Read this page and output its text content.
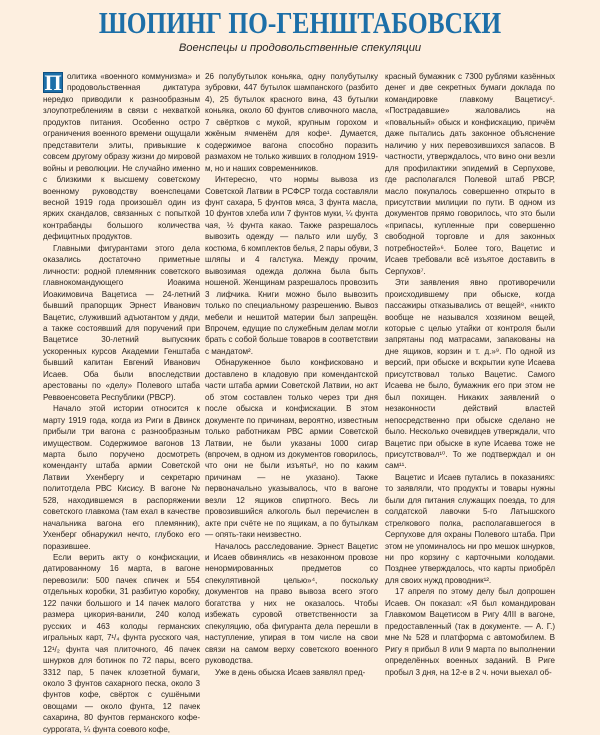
ШОПИНГ ПО-ГЕНШТАБОВСКИ
Военспецы и продовольственные спекуляции
П олитика «военного коммунизма» и продовольственная диктатура нередко приводили к разнообразным злоупотреблениям в связи с нехваткой продуктов питания. Особенно остро ограничения военного времени ощущали представители элиты, привыкшие к совсем другому образу жизни до мировой войны и революции. Не случайно именно с близкими к высшему советскому военному руководству военспецами весной 1919 года произошёл один из ярких скандалов, связанных с попыткой контрабанды большого количества дефицитных продуктов.

Главными фигурантами этого дела оказались достаточно приметные личности: родной племянник советского главнокомандующего Иоакима Иоакимовича Вацетиса — 24-летний бывший прапорщик Эрнест Иванович Вацетис, служивший адъютантом у дяди, а также состоявший для поручений при Вацетисе 30-летний выпускник ускоренных курсов Академии Генштаба бывший капитан Евгений Иванович Исаев. Оба были впоследствии арестованы по «делу» Полевого штаба Реввоенсовета Республики (РВСР).

Начало этой истории относится к марту 1919 года, когда из Риги в Двинск прибыли три вагона с разнообразным имуществом. Содержимое вагонов 13 марта было поручено досмотреть коменданту штаба армии Советской Латвии Ухенбергу и секретарю политотдела РВС Кисису. В вагоне № 528, находившемся в распоряжении советского главкома (там ехал в качестве начальника вагона его племянник), Ухенберг обнаружил нечто, глубоко его поразившее.

Если верить акту о конфискации, датированному 16 марта, в вагоне перевозили: 500 пачек спичек и 554 отдельных коробки, 31 разбитую коробку, 122 пачки большого и 14 пачек малого размера цикория-ванили, 240 колод русских и 463 колоды германских игральных карт, 7¹/₄ фунта русского чая, 12¹/₂ фунта чая плиточного, 46 пачек шнурков для ботинок по 72 пары, всего 3312 пар, 5 пачек клозетной бумаги, около 3 фунтов сахарного песка, около 3 фунтов кофе, свёрток с сушёными овощами — около фунта, 12 пачек сахарина, 80 фунтов германского кофе-суррогата, ¼ фунта соевого кофе,

26 полубутылок коньяка, одну полубутылку зубровки, 447 бутылок шампанского (разбито 4), 25 бутылок красного вина, 43 бутылки коньяка, около 60 фунтов сливочного масла, 7 свёртков с мукой, крупным горохом и жжёным ячменём для кофе¹. Думается, содержимое вагона способно поразить размахом не только живших в голодном 1919-м, но и наших современников.

Интересно, что нормы вывоза из Советской Латвии в РСФСР тогда составляли фунт сахара, 5 фунтов мяса, 3 фунта масла, 10 фунтов хлеба или 7 фунтов муки, ¼ фунта чая, ½ фунта какао. Также разрешалось вывозить одежду — пальто или шубу, 3 костюма, 6 комплектов белья, 2 пары обуви, 3 шляпы и 4 галстука. Между прочим, вывозимая одежда должна была быть ношеной. Женщинам разрешалось провозить 3 лифчика. Книги можно было вывозить только по специальному разрешению. Вывоз мебели и нешитой материи был запрещён. Впрочем, едущие по служебным делам могли брать с собой больше товаров в соответствии с мандатом².

Обнаруженное было конфисковано и доставлено в кладовую при комендантской части штаба армии Советской Латвии, но акт об этом составлен только через три дня после обыска и конфискации. В этом документе по причинам, вероятно, известным только работникам РВС армии Советской Латвии, не были указаны 1000 сигар (впрочем, в одном из документов говорилось, что они не были изъяты³, но по каким причинам — не указано). Также первоначально указывалось, что в вагоне везли 12 ящиков спиртного. Весь ли провозившийся алкоголь был перечислен в акте при счёте не по ящикам, а по бутылкам — опять-таки неизвестно.

Началось расследование. Эрнест Вацетис и Исаев обвинялись «в незаконном провозе ненормированных предметов со спекулятивной целью»⁴, поскольку документов на право вывоза всего этого богатства у них не оказалось. Чтобы избежать суровой ответственности за спекуляцию, оба фигуранта дела перешли в наступление, упирая в том числе на свои связи на самом верху советского военного руководства.

Уже в день обыска Исаев заявлял пред-

красный бумажник с 7300 рублями казённых денег и две секретных бумаги доклада по командировке главкому Вацетису⁵. «Пострадавшие» жаловались на «повальный» обыск и конфискацию, причём даже пытались дать законное объяснение наличию у них перевозившихся запасов. В частности, утверждалось, что вино они везли для профилактики эпидемий в Серпухове, где располагался Полевой штаб РВСР, масло покупалось совершенно открыто в присутствии милиции по пути. В одном из документов прямо говорилось, что это были «припасы, купленные при совершенно свободной торговле и для законных потребностей»⁶. Более того, Вацетис и Исаев требовали всё изъятое доставить в Серпухов⁷.

Эти заявления явно противоречили происходившему при обыске, когда пассажиры отказывались от вещей⁸, «никто вообще не назывался хозяином вещей, которые с целью утайки от контроля были запрятаны под матрасами, запакованы на дне ящиков, корзин и т. д.»⁹. По одной из версий, при обыске и вскрытии купе Исаева присутствовал только Вацетис. Самого Исаева не было, бумажник его при этом не был похищен. Никаких заявлений о незаконности действий властей непосредственно при обыске сделано не было. Несколько очевидцев утверждали, что Вацетис при обыске в купе Исаева тоже не присутствовал¹⁰. То же подтверждал и он сам¹¹.

Вацетис и Исаев путались в показаниях: то заявляли, что продукты и товары нужны были для питания служащих поезда, то для солдатской лавочки 5-го Латышского стрелкового полка, располагавшегося в Серпухове для охраны Полевого штаба. При этом не упоминалось ни про мешок шнурков, ни про корзину с карточными колодами. Позднее утверждалось, что карты приобрёл для своих нужд проводник¹².

17 апреля по этому делу был допрошен Исаев. Он показал: «Я был командирован Главкомом Вацетисом в Ригу 4/III в вагоне, предоставленный (так в документе. — А. Г.) мне № 528 и платформа с автомобилем. В Ригу я прибыл 8 или 9 марта по выполнении определённых военных заданий. В Риге пробыл 3 дня, на 12-е в 2 ч. ночи выехал об-
